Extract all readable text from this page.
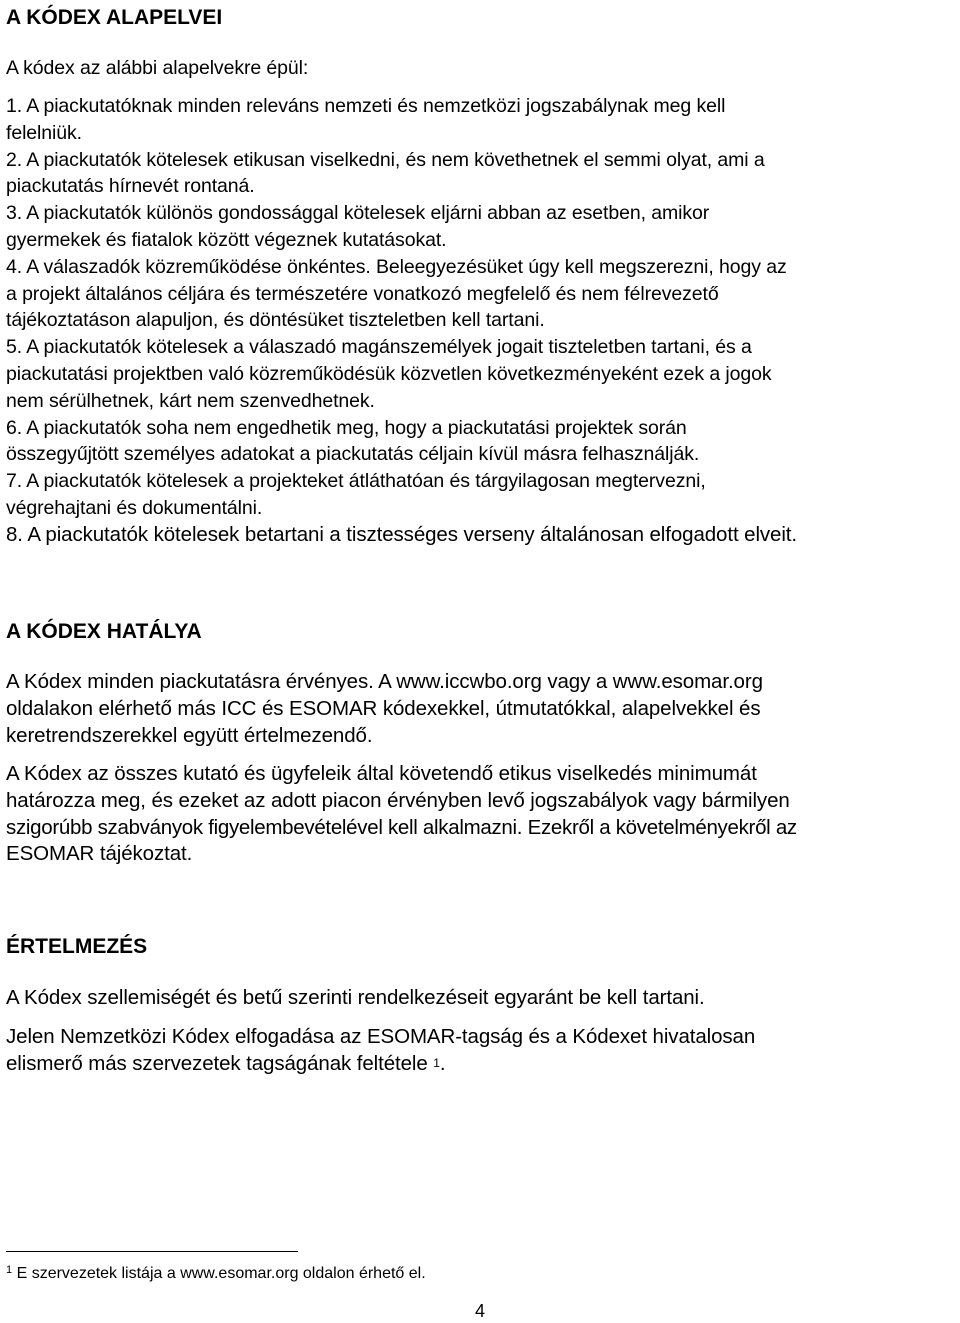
A KÓDEX ALAPELVEI
A kódex az alábbi alapelvekre épül:
1. A piackutatóknak minden releváns nemzeti és nemzetközi jogszabálynak meg kell
felelniük.
2. A piackutatók kötelesek etikusan viselkedni, és nem követhetnek el semmi olyat, ami a
piackutatás hírnevét rontaná.
3. A piackutatók különös gondossággal kötelesek eljárni abban az esetben, amikor
gyermekek és fiatalok között végeznek kutatásokat.
4. A válaszadók közreműködése önkéntes. Beleegyezésüket úgy kell megszerezni, hogy az
a projekt általános céljára és természetére vonatkozó megfelelő és nem félrevezető
tájékoztatáson alapuljon, és döntésüket tiszteletben kell tartani.
5. A piackutatók kötelesek a válaszadó magánszemélyek jogait tiszteletben tartani, és a
piackutatási projektben való közreműködésük közvetlen következményeként ezek a jogok
nem sérülhetnek, kárt nem szenvedhetnek.
6. A piackutatók soha nem engedhetik meg, hogy a piackutatási projektek során
összegyűjtött személyes adatokat a piackutatás céljain kívül másra felhasználják.
7. A piackutatók kötelesek a projekteket átláthatóan és tárgyilagosan megtervezni,
végrehajtani és dokumentálni.
8. A piackutatók kötelesek betartani a tisztességes verseny általánosan elfogadott elveit.
A KÓDEX HATÁLYA
A Kódex minden piackutatásra érvényes. A www.iccwbo.org vagy a www.esomar.org
oldalakon elérhető más ICC és ESOMAR kódexekkel, útmutatókkal, alapelvekkel és
keretrendszerekkel együtt értelmezendő.
A Kódex az összes kutató és ügyfeleik által követendő etikus viselkedés minimumát
határozza meg, és ezeket az adott piacon érvényben levő jogszabályok vagy bármilyen
szigorúbb szabványok figyelembevételével kell alkalmazni. Ezekről a követelményekről az
ESOMAR tájékoztat.
ÉRTELMEZÉS
A Kódex szellemiségét és betű szerinti rendelkezéseit egyaránt be kell tartani.
Jelen Nemzetközi Kódex elfogadása az ESOMAR-tagság és a Kódexet hivatalosan
elismerő más szervezetek tagságának feltétele $^1$.
$^1$ E szervezetek listája a www.esomar.org oldalon érhető el.
4
